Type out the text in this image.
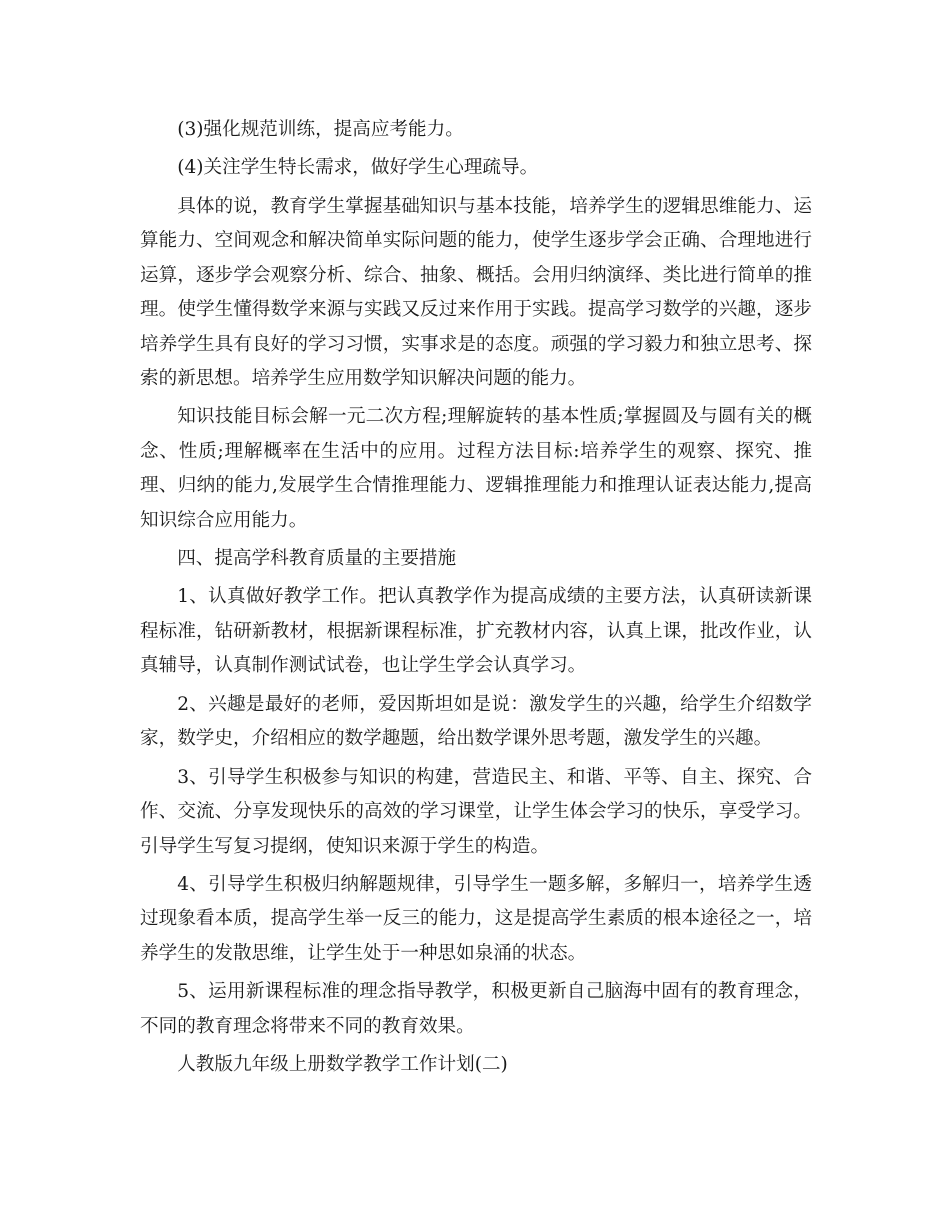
(3)强化规范训练，提高应考能力。

(4)关注学生特长需求，做好学生心理疏导。

具体的说，教育学生掌握基础知识与基本技能，培养学生的逻辑思维能力、运算能力、空间观念和解决简单实际问题的能力，使学生逐步学会正确、合理地进行运算，逐步学会观察分析、综合、抽象、概括。会用归纳演绎、类比进行简单的推理。使学生懂得数学来源与实践又反过来作用于实践。提高学习数学的兴趣，逐步培养学生具有良好的学习习惯，实事求是的态度。顽强的学习毅力和独立思考、探索的新思想。培养学生应用数学知识解决问题的能力。

知识技能目标会解一元二次方程;理解旋转的基本性质;掌握圆及与圆有关的概念、性质;理解概率在生活中的应用。过程方法目标:培养学生的观察、探究、推理、归纳的能力,发展学生合情推理能力、逻辑推理能力和推理认证表达能力,提高知识综合应用能力。

四、提高学科教育质量的主要措施

1、认真做好教学工作。把认真教学作为提高成绩的主要方法，认真研读新课程标准，钻研新教材，根据新课程标准，扩充教材内容，认真上课，批改作业，认真辅导，认真制作测试试卷，也让学生学会认真学习。

2、兴趣是最好的老师，爱因斯坦如是说：激发学生的兴趣，给学生介绍数学家，数学史，介绍相应的数学趣题，给出数学课外思考题，激发学生的兴趣。

3、引导学生积极参与知识的构建，营造民主、和谐、平等、自主、探究、合作、交流、分享发现快乐的高效的学习课堂，让学生体会学习的快乐，享受学习。引导学生写复习提纲，使知识来源于学生的构造。

4、引导学生积极归纳解题规律，引导学生一题多解，多解归一，培养学生透过现象看本质，提高学生举一反三的能力，这是提高学生素质的根本途径之一，培养学生的发散思维，让学生处于一种思如泉涌的状态。

5、运用新课程标准的理念指导教学，积极更新自己脑海中固有的教育理念，不同的教育理念将带来不同的教育效果。

人教版九年级上册数学教学工作计划(二)
